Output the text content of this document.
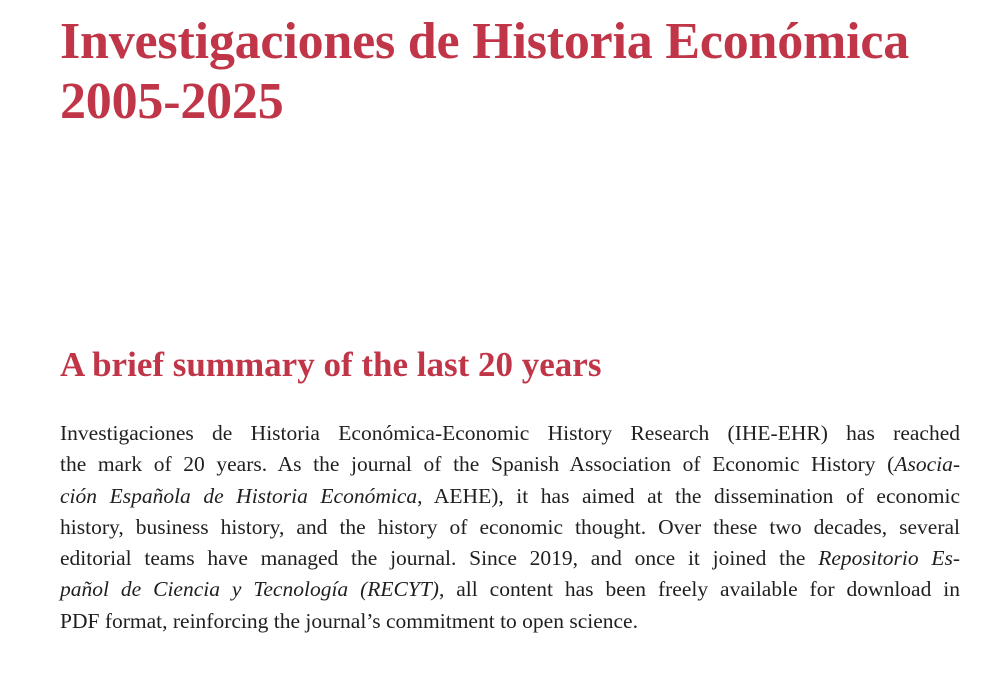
Investigaciones de Historia Económica
2005-2025
A brief summary of the last 20 years

Investigaciones de Historia Económica-Economic History Research (IHE-EHR) has reached
the mark of 20 years. As the journal of the Spanish Association of Economic History (Asocia-
ción Española de Historia Económica, AEHE), it has aimed at the dissemination of economic
history, business history, and the history of economic thought. Over these two decades, several
editorial teams have managed the journal. Since 2019, and once it joined the Repositorio Es-
pañol de Ciencia y Tecnología (RECYT), all content has been freely available for download in
PDF format, reinforcing the journal’s commitment to open science.
